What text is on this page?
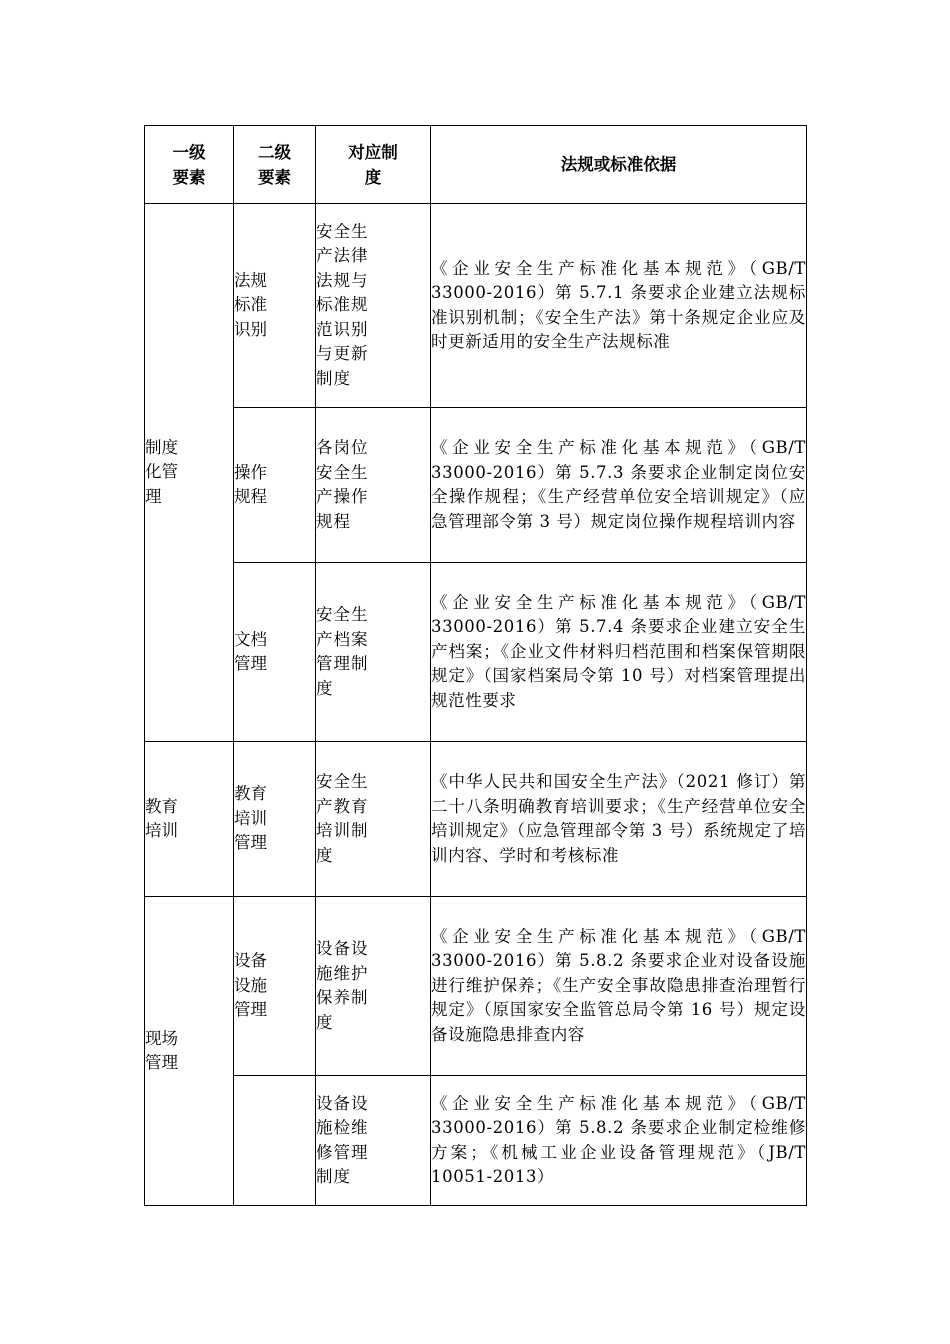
一级要素	二级要素	对应制度	法规或标准依据

制度化管理	法规标准识别	安全生产法律法规与标准规范识别与更新制度	《企业安全生产标准化基本规范》（GB/T 33000-2016）第 5.7.1 条要求企业建立法规标准识别机制；《安全生产法》第十条规定企业应及时更新适用的安全生产法规标准

	操作规程	各岗位安全生产操作规程	《企业安全生产标准化基本规范》（GB/T 33000-2016）第 5.7.3 条要求企业制定岗位安全操作规程；《生产经营单位安全培训规定》（应急管理部令第 3 号）规定岗位操作规程培训内容

	文档管理	安全生产档案管理制度	《企业安全生产标准化基本规范》（GB/T 33000-2016）第 5.7.4 条要求企业建立安全生产档案；《企业文件材料归档范围和档案保管期限规定》（国家档案局令第 10 号）对档案管理提出规范性要求

教育培训	教育培训管理	安全生产教育培训制度	《中华人民共和国安全生产法》（2021 修订）第二十八条明确教育培训要求；《生产经营单位安全培训规定》（应急管理部令第 3 号）系统规定了培训内容、学时和考核标准

现场管理	设备设施管理	设备设施维护保养制度	《企业安全生产标准化基本规范》（GB/T 33000-2016）第 5.8.2 条要求企业对设备设施进行维护保养；《生产安全事故隐患排查治理暂行规定》（原国家安全监管总局令第 16 号）规定设备设施隐患排查内容

		设备设施检维修管理制度	《企业安全生产标准化基本规范》（GB/T 33000-2016）第 5.8.2 条要求企业制定检维修方案；《机械工业企业设备管理规范》（JB/T 10051-2013）
